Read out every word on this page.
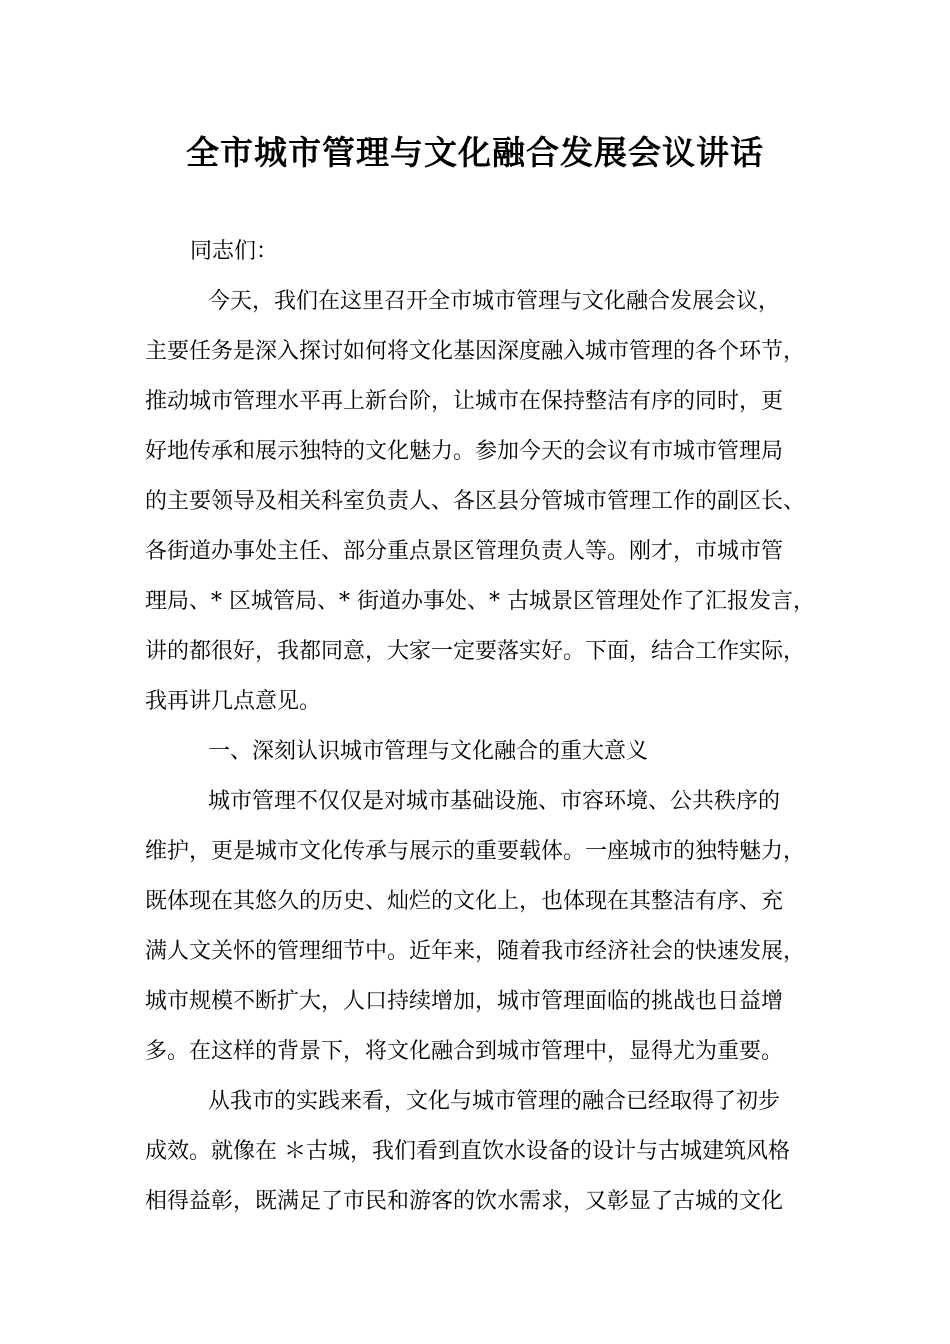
全市城市管理与文化融合发展会议讲话
同志们：
今天，我们在这里召开全市城市管理与文化融合发展会议，
主要任务是深入探讨如何将文化基因深度融入城市管理的各个环节，
推动城市管理水平再上新台阶，让城市在保持整洁有序的同时，更
好地传承和展示独特的文化魅力。参加今天的会议有市城市管理局
的主要领导及相关科室负责人、各区县分管城市管理工作的副区长、
各街道办事处主任、部分重点景区管理负责人等。刚才，市城市管
理局、* 区城管局、* 街道办事处、* 古城景区管理处作了汇报发言，
讲的都很好，我都同意，大家一定要落实好。下面，结合工作实际，
我再讲几点意见。
一、深刻认识城市管理与文化融合的重大意义
城市管理不仅仅是对城市基础设施、市容环境、公共秩序的
维护，更是城市文化传承与展示的重要载体。一座城市的独特魅力，
既体现在其悠久的历史、灿烂的文化上，也体现在其整洁有序、充
满人文关怀的管理细节中。近年来，随着我市经济社会的快速发展，
城市规模不断扩大，人口持续增加，城市管理面临的挑战也日益增
多。在这样的背景下，将文化融合到城市管理中，显得尤为重要。
从我市的实践来看，文化与城市管理的融合已经取得了初步
成效。就像在 ＊古城，我们看到直饮水设备的设计与古城建筑风格
相得益彰，既满足了市民和游客的饮水需求，又彰显了古城的文化
